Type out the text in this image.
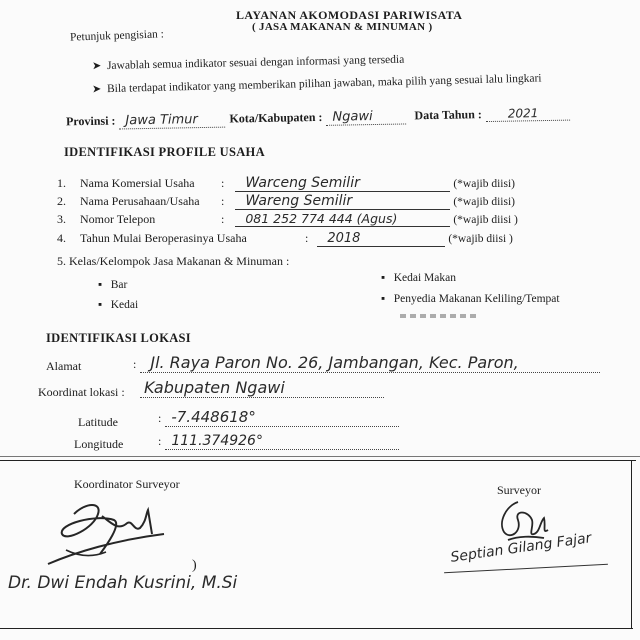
LAYANAN AKOMODASI PARIWISATA
( JASA MAKANAN & MINUMAN )
Petunjuk pengisian :
➤ Jawablah semua indikator sesuai dengan informasi yang tersedia
➤ Bila terdapat indikator yang memberikan pilihan jawaban, maka pilih yang sesuai lalu lingkari
Provinsi : Jawa Timur	Kota/Kabupaten : Ngawi	Data Tahun : 2021
IDENTIFIKASI PROFILE USAHA
1. Nama Komersial Usaha : Warceng Semilir	(*wajib diisi)
2. Nama Perusahaan/Usaha : Wareng Semilir	(*wajib diisi)
3. Nomor Telepon	: 081 252 774 444 (Agus)	(*wajib diisi )
4. Tahun Mulai Beroperasinya Usaha	: 2018	(*wajib diisi )
5. Kelas/Kelompok Jasa Makanan & Minuman :
▪ Bar
▪ Kedai
▪ Kedai Makan
▪ Penyedia Makanan Keliling/Tempat
IDENTIFIKASI LOKASI
Alamat	: Jl. Raya Paron No. 26, Jambangan, Kec. Paron,
Koordinat lokasi : Kabupaten Ngawi
Latitude	: -7.448618°
Longitude	: 111.374926°
Koordinator Surveyor	Surveyor
)
Dr. Dwi Endah Kusrini, M.Si
Septian Gilang Fajar
